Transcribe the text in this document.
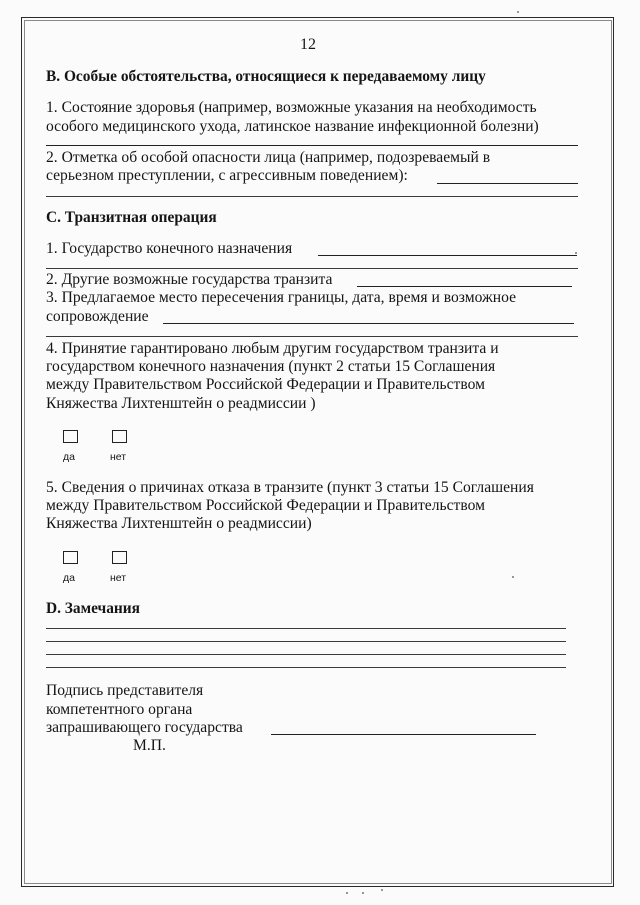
12
B. Особые обстоятельства, относящиеся к передаваемому лицу
1. Состояние здоровья (например, возможные указания на необходимость
особого медицинского ухода, латинское название инфекционной болезни)
2. Отметка об особой опасности лица (например, подозреваемый в
серьезном преступлении, с агрессивным поведением):
C. Транзитная операция
1. Государство конечного назначения
2. Другие возможные государства транзита
3. Предлагаемое место пересечения границы, дата, время и возможное
сопровождение
4. Принятие гарантировано любым другим государством транзита и
государством конечного назначения (пункт 2 статьи 15 Соглашения
между Правительством Российской Федерации и Правительством
Княжества Лихтенштейн о реадмиссии )
да	нет
5. Сведения о причинах отказа в транзите (пункт 3 статьи 15 Соглашения
между Правительством Российской Федерации и Правительством
Княжества Лихтенштейн о реадмиссии)
да	нет
D. Замечания
Подпись представителя
компетентного органа
запрашивающего государства
М.П.
